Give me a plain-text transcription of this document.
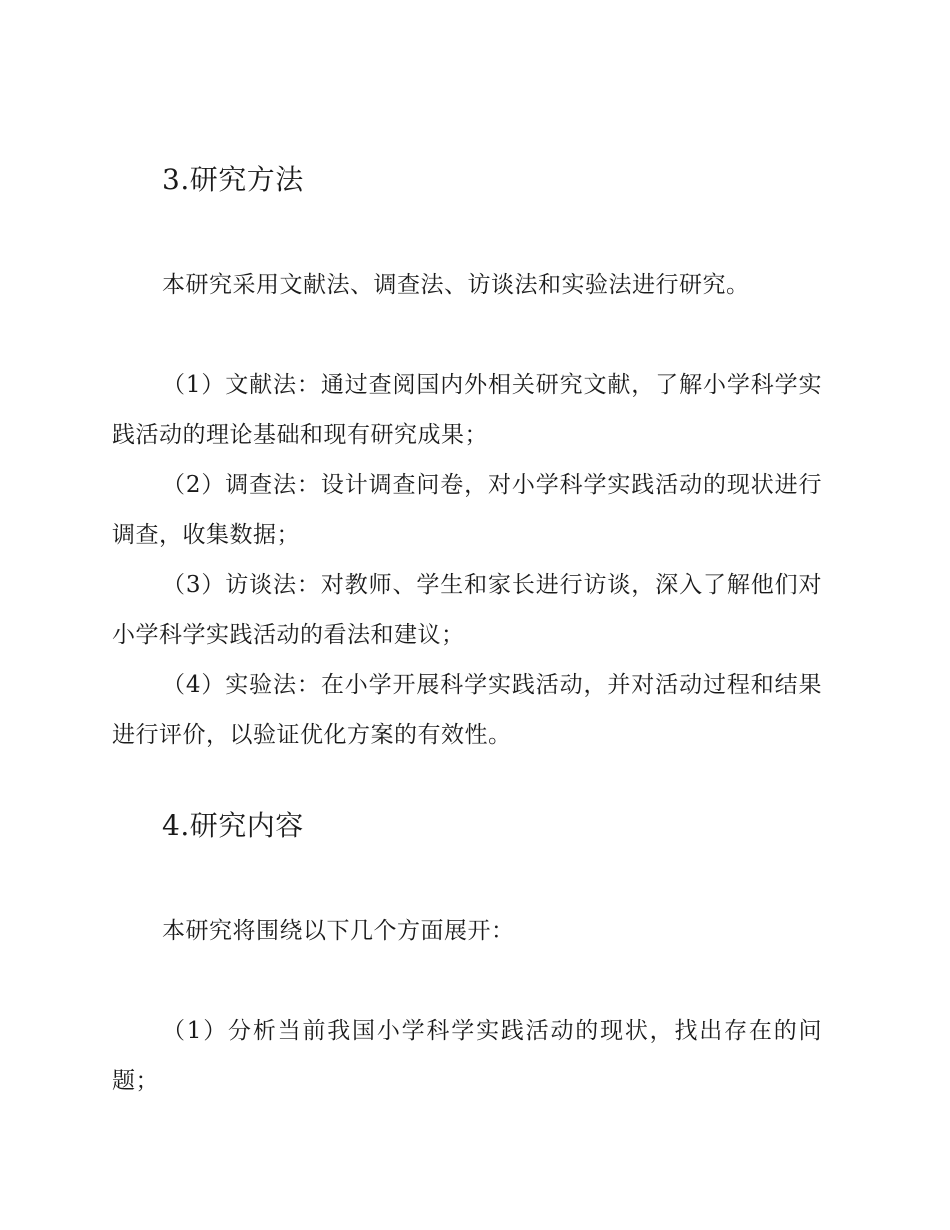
3.研究方法

本研究采用文献法、调查法、访谈法和实验法进行研究。

（1）文献法：通过查阅国内外相关研究文献，了解小学科学实践活动的理论基础和现有研究成果；

（2）调查法：设计调查问卷，对小学科学实践活动的现状进行调查，收集数据；

（3）访谈法：对教师、学生和家长进行访谈，深入了解他们对小学科学实践活动的看法和建议；

（4）实验法：在小学开展科学实践活动，并对活动过程和结果进行评价，以验证优化方案的有效性。

4.研究内容

本研究将围绕以下几个方面展开：

（1）分析当前我国小学科学实践活动的现状，找出存在的问题；
